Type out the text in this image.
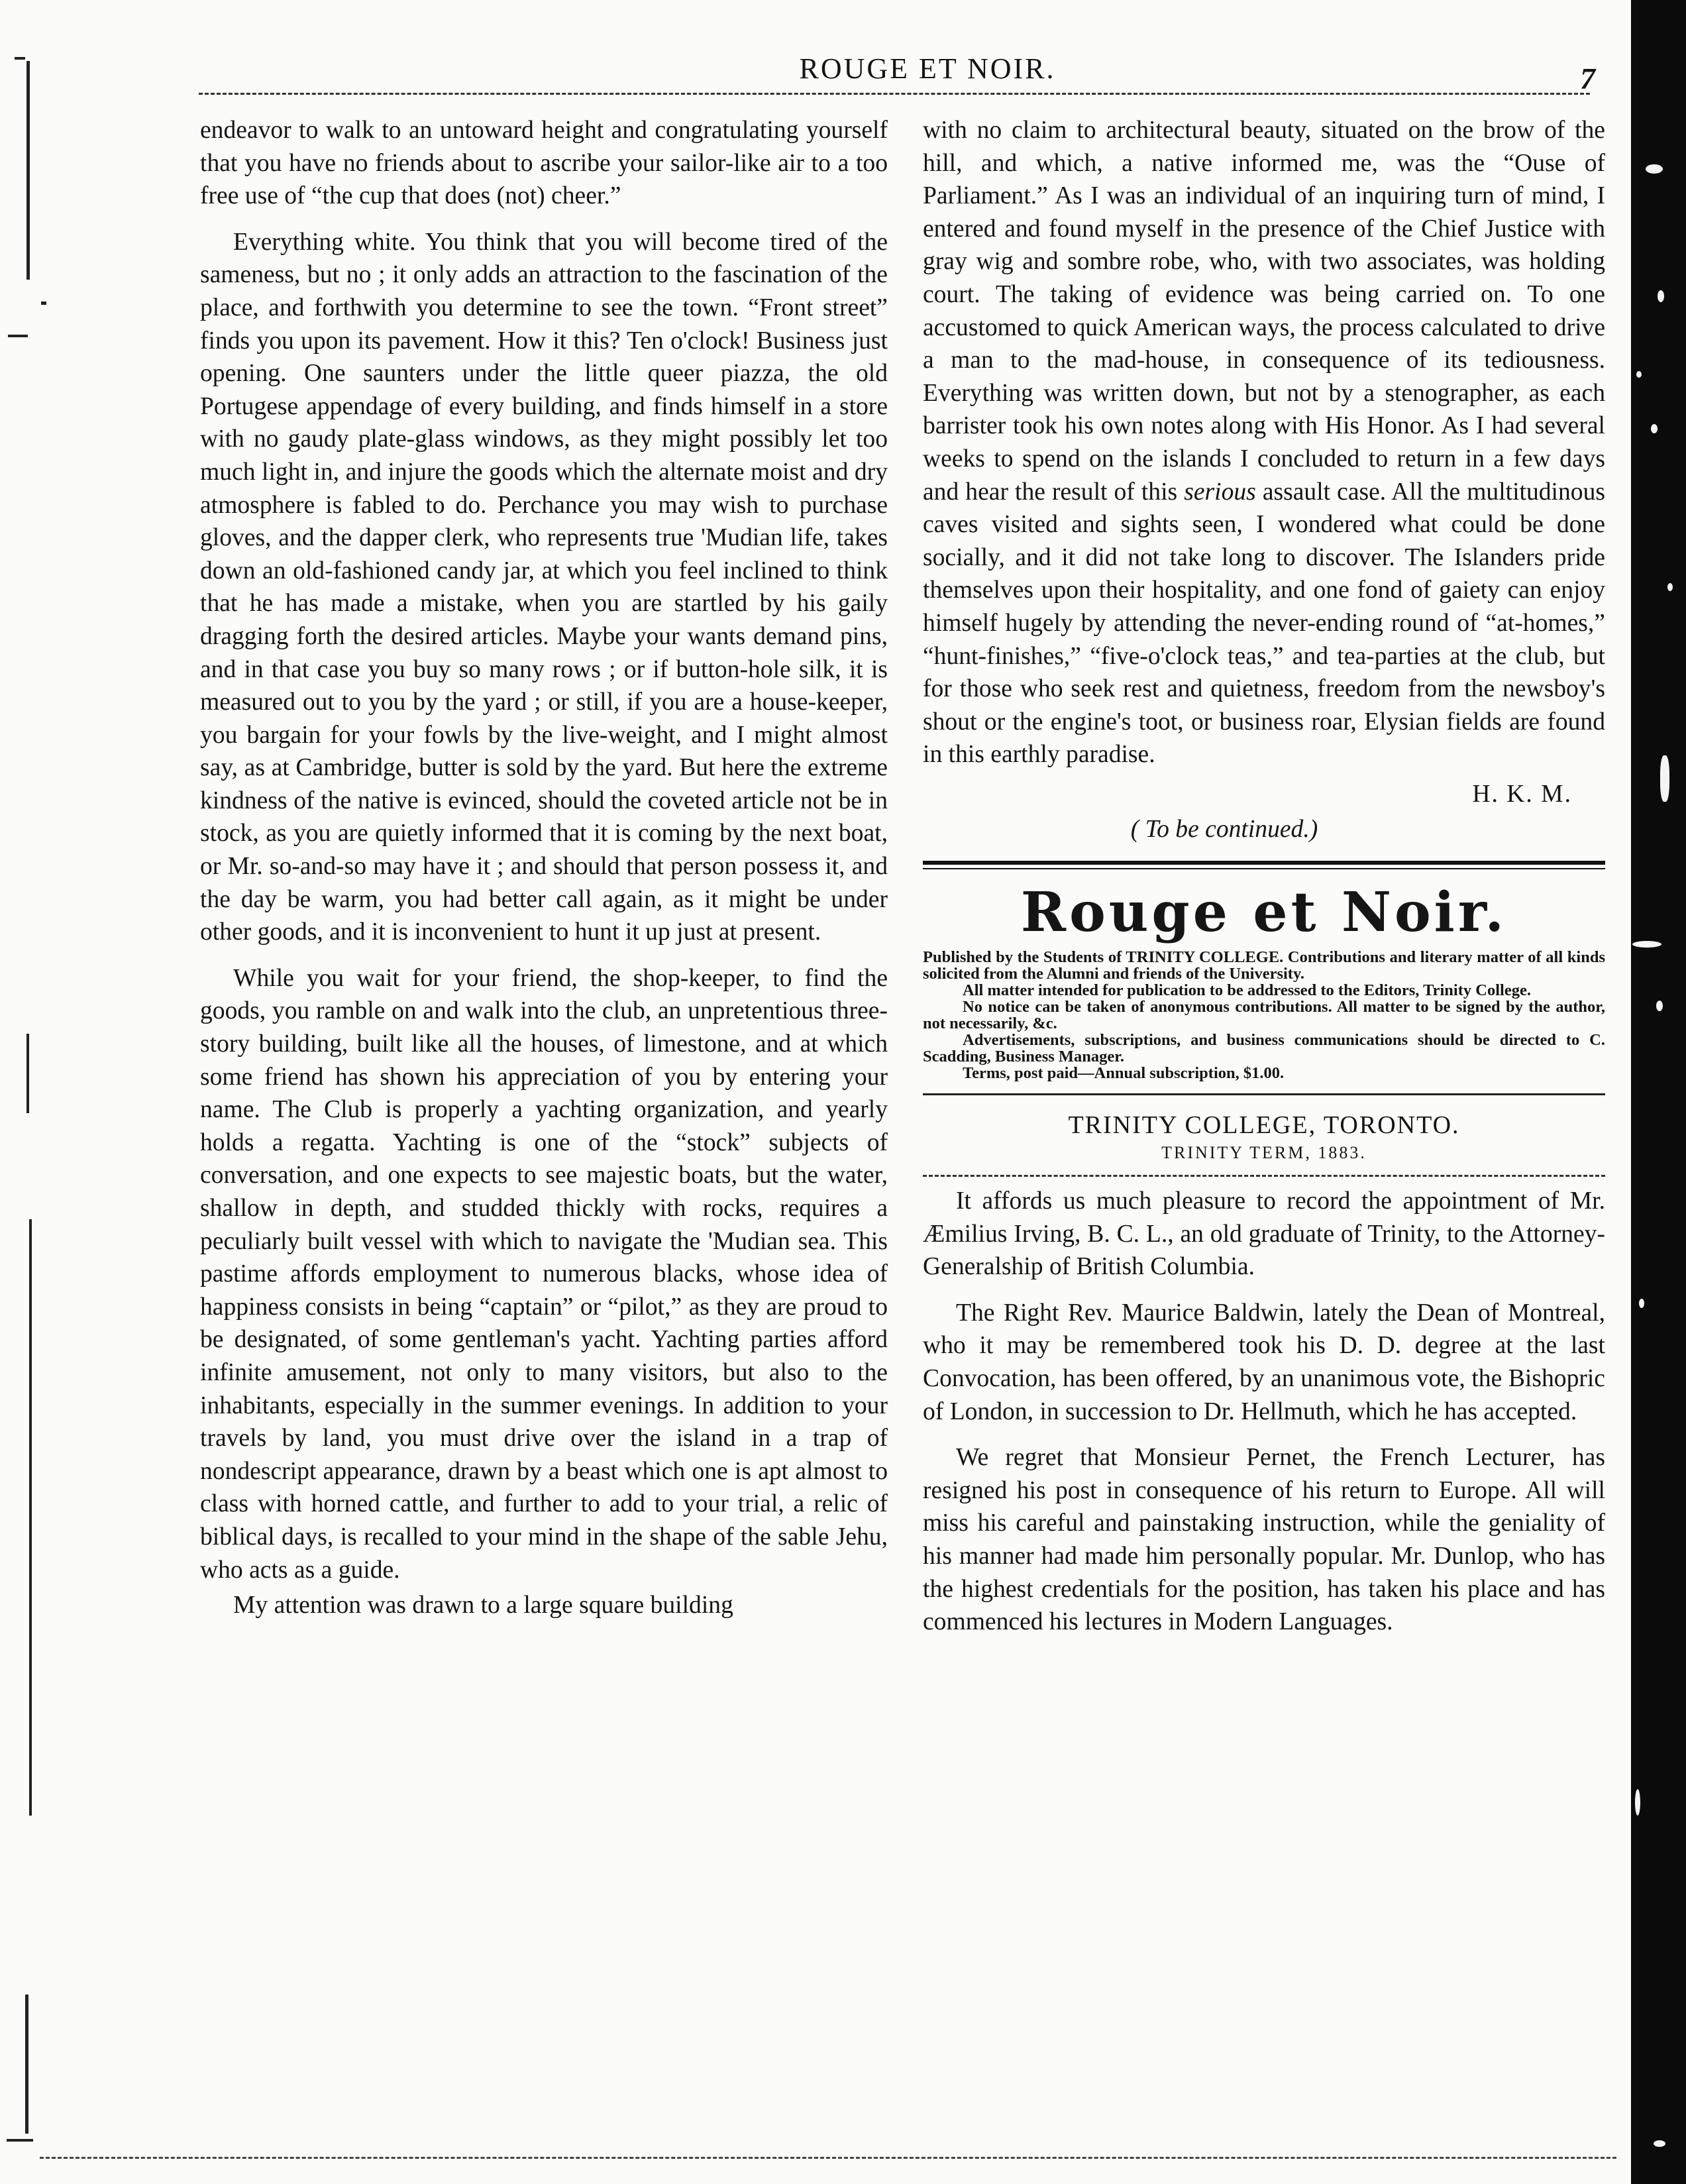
ROUGE ET NOIR.	7

endeavor to walk to an untoward height and congratulating yourself that you have no friends about to ascribe your sailor-like air to a too free use of “the cup that does (not) cheer.”

Everything white. You think that you will become tired of the sameness, but no ; it only adds an attraction to the fascination of the place, and forthwith you determine to see the town. “Front street” finds you upon its pavement. How it this? Ten o'clock! Business just opening. One saunters under the little queer piazza, the old Portugese appendage of every building, and finds himself in a store with no gaudy plate-glass windows, as they might possibly let too much light in, and injure the goods which the alternate moist and dry atmosphere is fabled to do. Perchance you may wish to purchase gloves, and the dapper clerk, who represents true 'Mudian life, takes down an old-fashioned candy jar, at which you feel inclined to think that he has made a mistake, when you are startled by his gaily dragging forth the desired articles. Maybe your wants demand pins, and in that case you buy so many rows ; or if button-hole silk, it is measured out to you by the yard ; or still, if you are a house-keeper, you bargain for your fowls by the live-weight, and I might almost say, as at Cambridge, butter is sold by the yard. But here the extreme kindness of the native is evinced, should the coveted article not be in stock, as you are quietly informed that it is coming by the next boat, or Mr. so-and-so may have it ; and should that person possess it, and the day be warm, you had better call again, as it might be under other goods, and it is inconvenient to hunt it up just at present.

While you wait for your friend, the shop-keeper, to find the goods, you ramble on and walk into the club, an unpretentious three-story building, built like all the houses, of limestone, and at which some friend has shown his appreciation of you by entering your name. The Club is properly a yachting organization, and yearly holds a regatta. Yachting is one of the “stock” subjects of conversation, and one expects to see majestic boats, but the water, shallow in depth, and studded thickly with rocks, requires a peculiarly built vessel with which to navigate the 'Mudian sea. This pastime affords employment to numerous blacks, whose idea of happiness consists in being “captain” or “pilot,” as they are proud to be designated, of some gentleman's yacht. Yachting parties afford infinite amusement, not only to many visitors, but also to the inhabitants, especially in the summer evenings. In addition to your travels by land, you must drive over the island in a trap of nondescript appearance, drawn by a beast which one is apt almost to class with horned cattle, and further to add to your trial, a relic of biblical days, is recalled to your mind in the shape of the sable Jehu, who acts as a guide.

My attention was drawn to a large square building

with no claim to architectural beauty, situated on the brow of the hill, and which, a native informed me, was the “Ouse of Parliament.” As I was an individual of an inquiring turn of mind, I entered and found myself in the presence of the Chief Justice with gray wig and sombre robe, who, with two associates, was holding court. The taking of evidence was being carried on. To one accustomed to quick American ways, the process calculated to drive a man to the mad-house, in consequence of its tediousness. Everything was written down, but not by a stenographer, as each barrister took his own notes along with His Honor. As I had several weeks to spend on the islands I concluded to return in a few days and hear the result of this serious assault case. All the multitudinous caves visited and sights seen, I wondered what could be done socially, and it did not take long to discover. The Islanders pride themselves upon their hospitality, and one fond of gaiety can enjoy himself hugely by attending the never-ending round of “at-homes,” “hunt-finishes,” “five-o'clock teas,” and tea-parties at the club, but for those who seek rest and quietness, freedom from the newsboy's shout or the engine's toot, or business roar, Elysian fields are found in this earthly paradise.

H. K. M.
( To be continued.)
Rouge et Noir.

Published by the Students of TRINITY COLLEGE. Contributions and literary matter of all kinds solicited from the Alumni and friends of the University.

All matter intended for publication to be addressed to the Editors, Trinity College.

No notice can be taken of anonymous contributions. All matter to be signed by the author, not necessarily, &c.

Advertisements, subscriptions, and business communications should be directed to C. Scadding, Business Manager.

Terms, post paid—Annual subscription, $1.00.

TRINITY COLLEGE, TORONTO.
TRINITY TERM, 1883.

It affords us much pleasure to record the appointment of Mr. Æmilius Irving, B. C. L., an old graduate of Trinity, to the Attorney-Generalship of British Columbia.

The Right Rev. Maurice Baldwin, lately the Dean of Montreal, who it may be remembered took his D. D. degree at the last Convocation, has been offered, by an unanimous vote, the Bishopric of London, in succession to Dr. Hellmuth, which he has accepted.

We regret that Monsieur Pernet, the French Lecturer, has resigned his post in consequence of his return to Europe. All will miss his careful and painstaking instruction, while the geniality of his manner had made him personally popular. Mr. Dunlop, who has the highest credentials for the position, has taken his place and has commenced his lectures in Modern Languages.
